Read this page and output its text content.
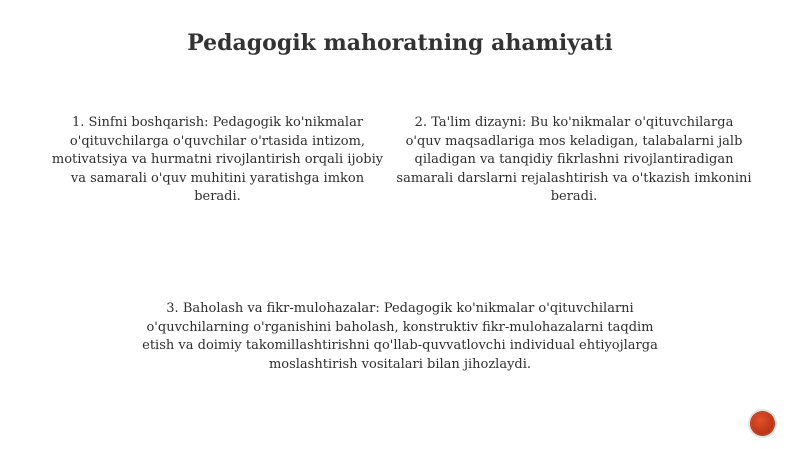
Pedagogik mahoratning ahamiyati

1. Sinfni boshqarish: Pedagogik ko'nikmalar o'qituvchilarga o'quvchilar o'rtasida intizom, motivatsiya va hurmatni rivojlantirish orqali ijobiy va samarali o'quv muhitini yaratishga imkon beradi.

2. Ta'lim dizayni: Bu ko'nikmalar o'qituvchilarga o'quv maqsadlariga mos keladigan, talabalarni jalb qiladigan va tanqidiy fikrlashni rivojlantiradigan samarali darslarni rejalashtirish va o'tkazish imkonini beradi.

3. Baholash va fikr-mulohazalar: Pedagogik ko'nikmalar o'qituvchilarni o'quvchilarning o'rganishini baholash, konstruktiv fikr-mulohazalarni taqdim etish va doimiy takomillashtirishni qo'llab-quvvatlovchi individual ehtiyojlarga moslashtirish vositalari bilan jihozlaydi.
